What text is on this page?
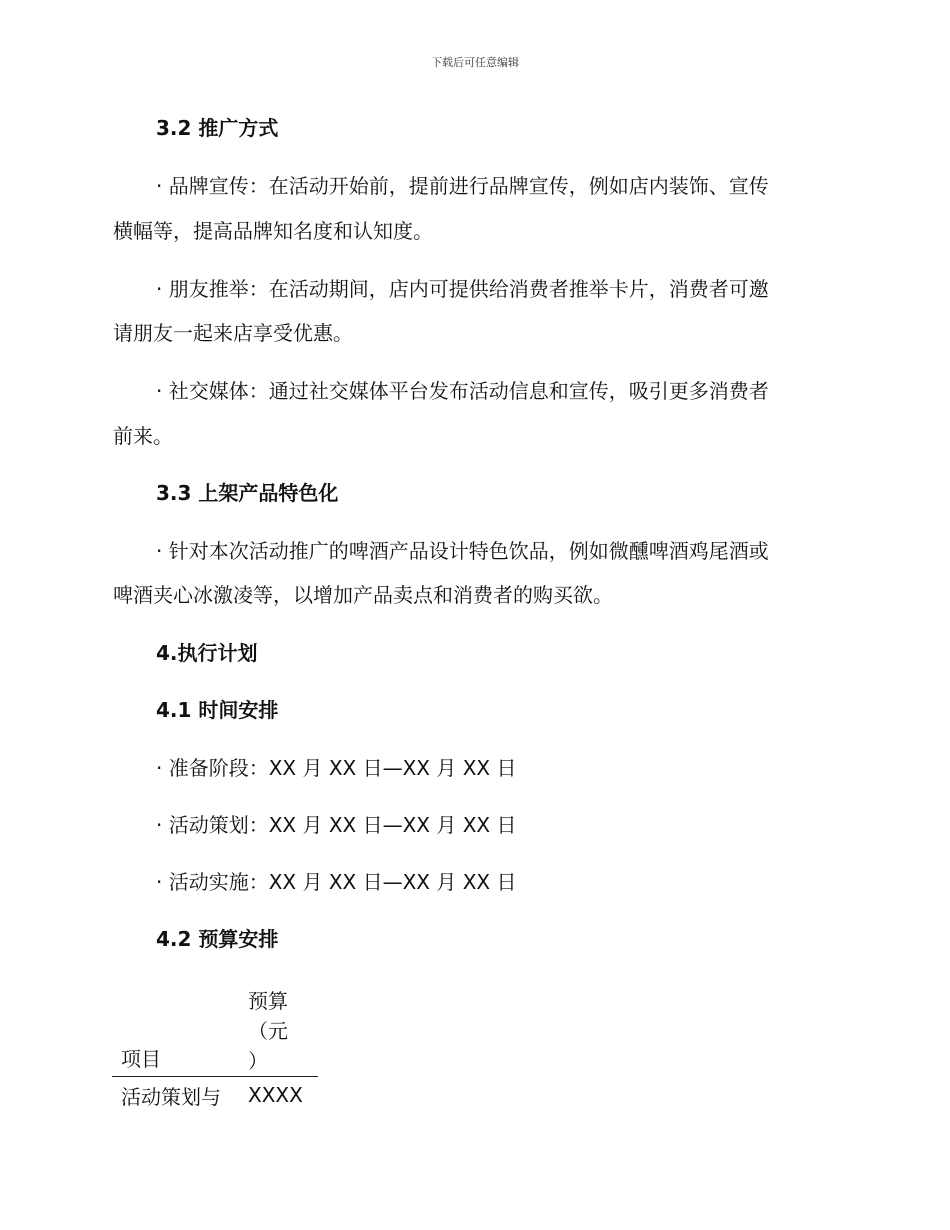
下载后可任意编辑
3.2 推广方式
· 品牌宣传：在活动开始前，提前进行品牌宣传，例如店内装饰、宣传
横幅等，提高品牌知名度和认知度。
· 朋友推举：在活动期间，店内可提供给消费者推举卡片，消费者可邀
请朋友一起来店享受优惠。
· 社交媒体：通过社交媒体平台发布活动信息和宣传，吸引更多消费者
前来。
3.3 上架产品特色化
· 针对本次活动推广的啤酒产品设计特色饮品，例如微醺啤酒鸡尾酒或
啤酒夹心冰激凌等，以增加产品卖点和消费者的购买欲。
4.执行计划
4.1 时间安排
· 准备阶段：XX 月 XX 日—XX 月 XX 日
· 活动策划：XX 月 XX 日—XX 月 XX 日
· 活动实施：XX 月 XX 日—XX 月 XX 日
4.2 预算安排
项目
预算
（元
）
活动策划与 XXXX
